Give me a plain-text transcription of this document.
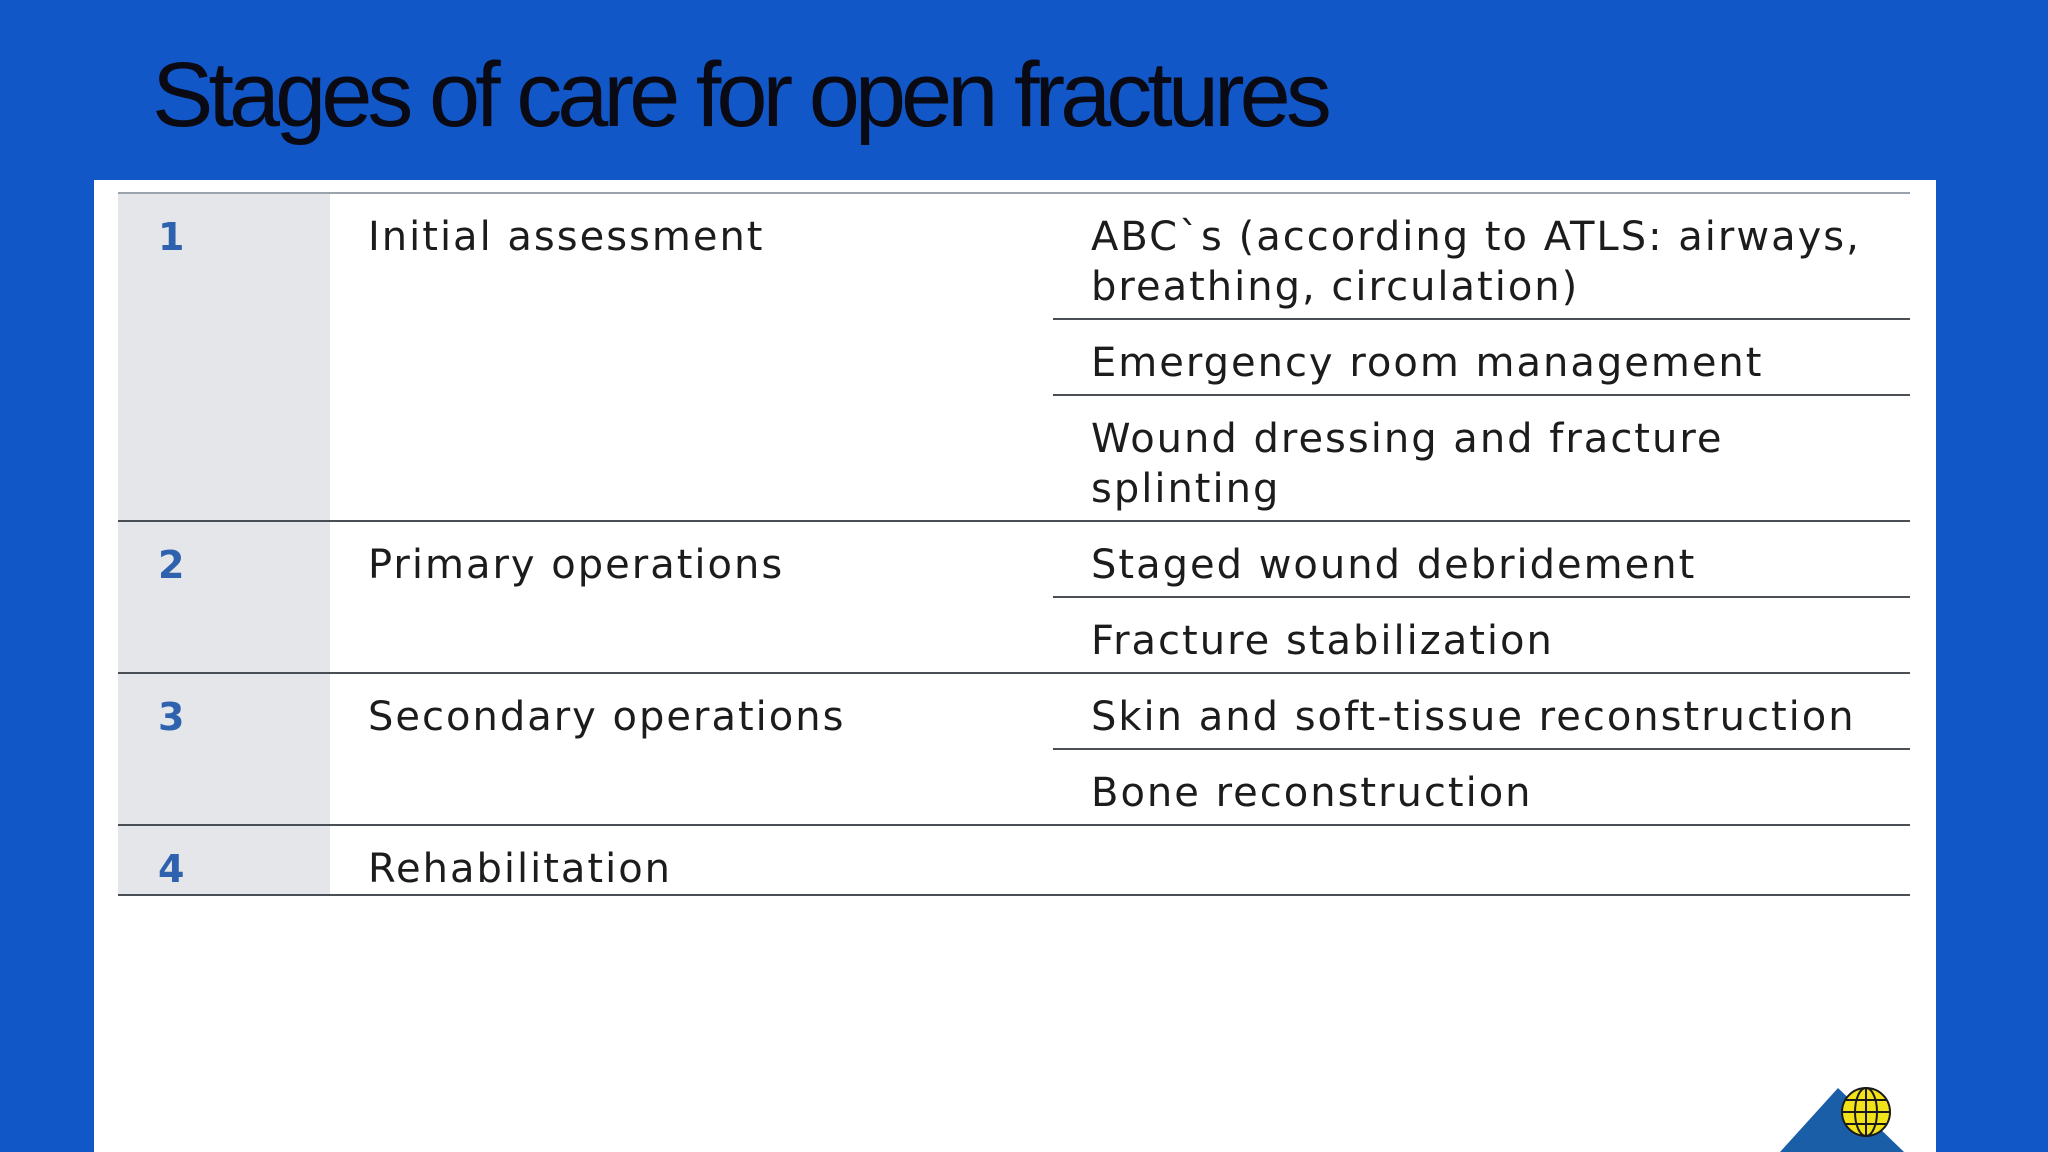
Stages of care for open fractures
1	Initial assessment	ABC`s (according to ATLS: airways, breathing, circulation)
Emergency room management
Wound dressing and fracture splinting
2	Primary operations	Staged wound debridement
Fracture stabilization
3	Secondary operations	Skin and soft-tissue reconstruction
Bone reconstruction
4	Rehabilitation
